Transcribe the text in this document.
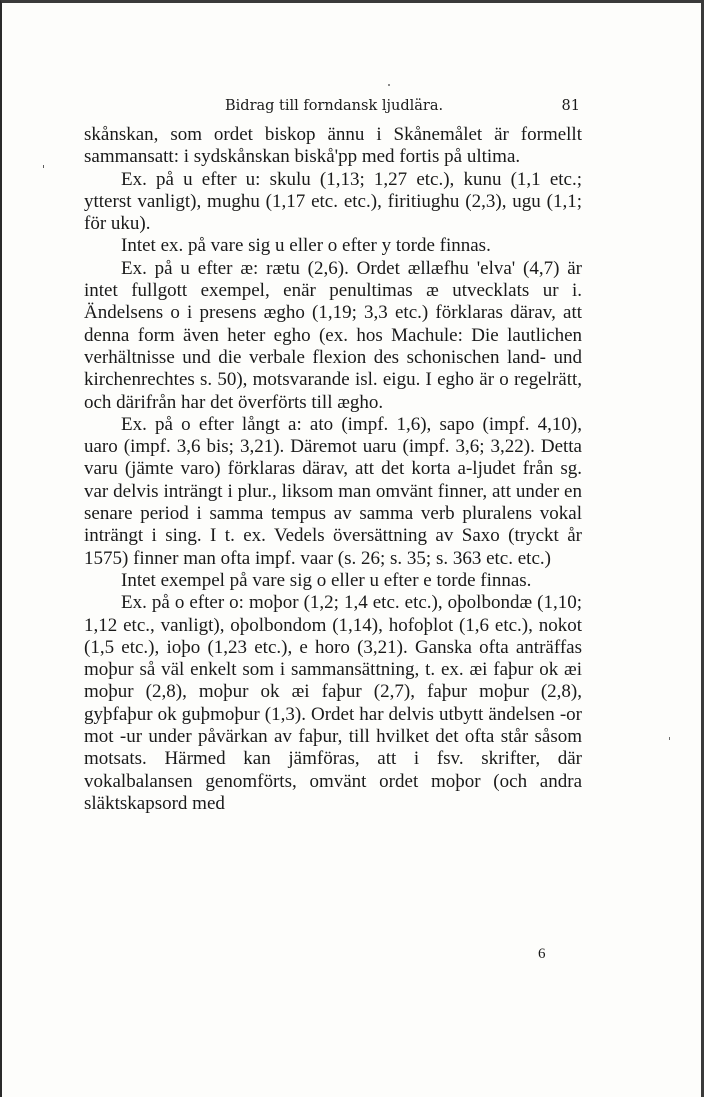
'
'
Bidrag till forndansk ljudlära.	81

skånskan, som ordet biskop ännu i Skånemålet är formellt sammansatt: i sydskånskan biskå'pp med fortis på ultima.

Ex. på u efter u: skulu (1,13; 1,27 etc.), kunu (1,1 etc.; ytterst vanligt), mughu (1,17 etc. etc.), firitiughu (2,3), ugu (1,1; för uku).

Intet ex. på vare sig u eller o efter y torde finnas.

Ex. på u efter æ: rætu (2,6). Ordet ællæfhu 'elva' (4,7) är intet fullgott exempel, enär penultimas æ utvecklats ur i. Ändelsens o i presens ægho (1,19; 3,3 etc.) förklaras därav, att denna form även heter egho (ex. hos Machule: Die lautlichen verhältnisse und die verbale flexion des schonischen land- und kirchenrechtes s. 50), motsvarande isl. eigu. I egho är o regelrätt, och därifrån har det överförts till ægho.

Ex. på o efter långt a: ato (impf. 1,6), sapo (impf. 4,10), uaro (impf. 3,6 bis; 3,21). Däremot uaru (impf. 3,6; 3,22). Detta varu (jämte varo) förklaras därav, att det korta a-ljudet från sg. var delvis inträngt i plur., liksom man omvänt finner, att under en senare period i samma tempus av samma verb pluralens vokal inträngt i sing. I t. ex. Vedels översättning av Saxo (tryckt år 1575) finner man ofta impf. vaar (s. 26; s. 35; s. 363 etc. etc.)

Intet exempel på vare sig o eller u efter e torde finnas.

Ex. på o efter o: moþor (1,2; 1,4 etc. etc.), oþolbondæ (1,10; 1,12 etc., vanligt), oþolbondom (1,14), hofoþlot (1,6 etc.), nokot (1,5 etc.), ioþo (1,23 etc.), e horo (3,21). Ganska ofta anträffas moþur så väl enkelt som i sammansättning, t. ex. æi faþur ok æi moþur (2,8), moþur ok æi faþur (2,7), faþur moþur (2,8), gyþfaþur ok guþmoþur (1,3). Ordet har delvis utbytt ändelsen -or mot -ur under påvärkan av faþur, till hvilket det ofta står såsom motsats. Härmed kan jämföras, att i fsv. skrifter, där vokalbalansen genomförts, omvänt ordet moþor (och andra släktskapsord med

6
